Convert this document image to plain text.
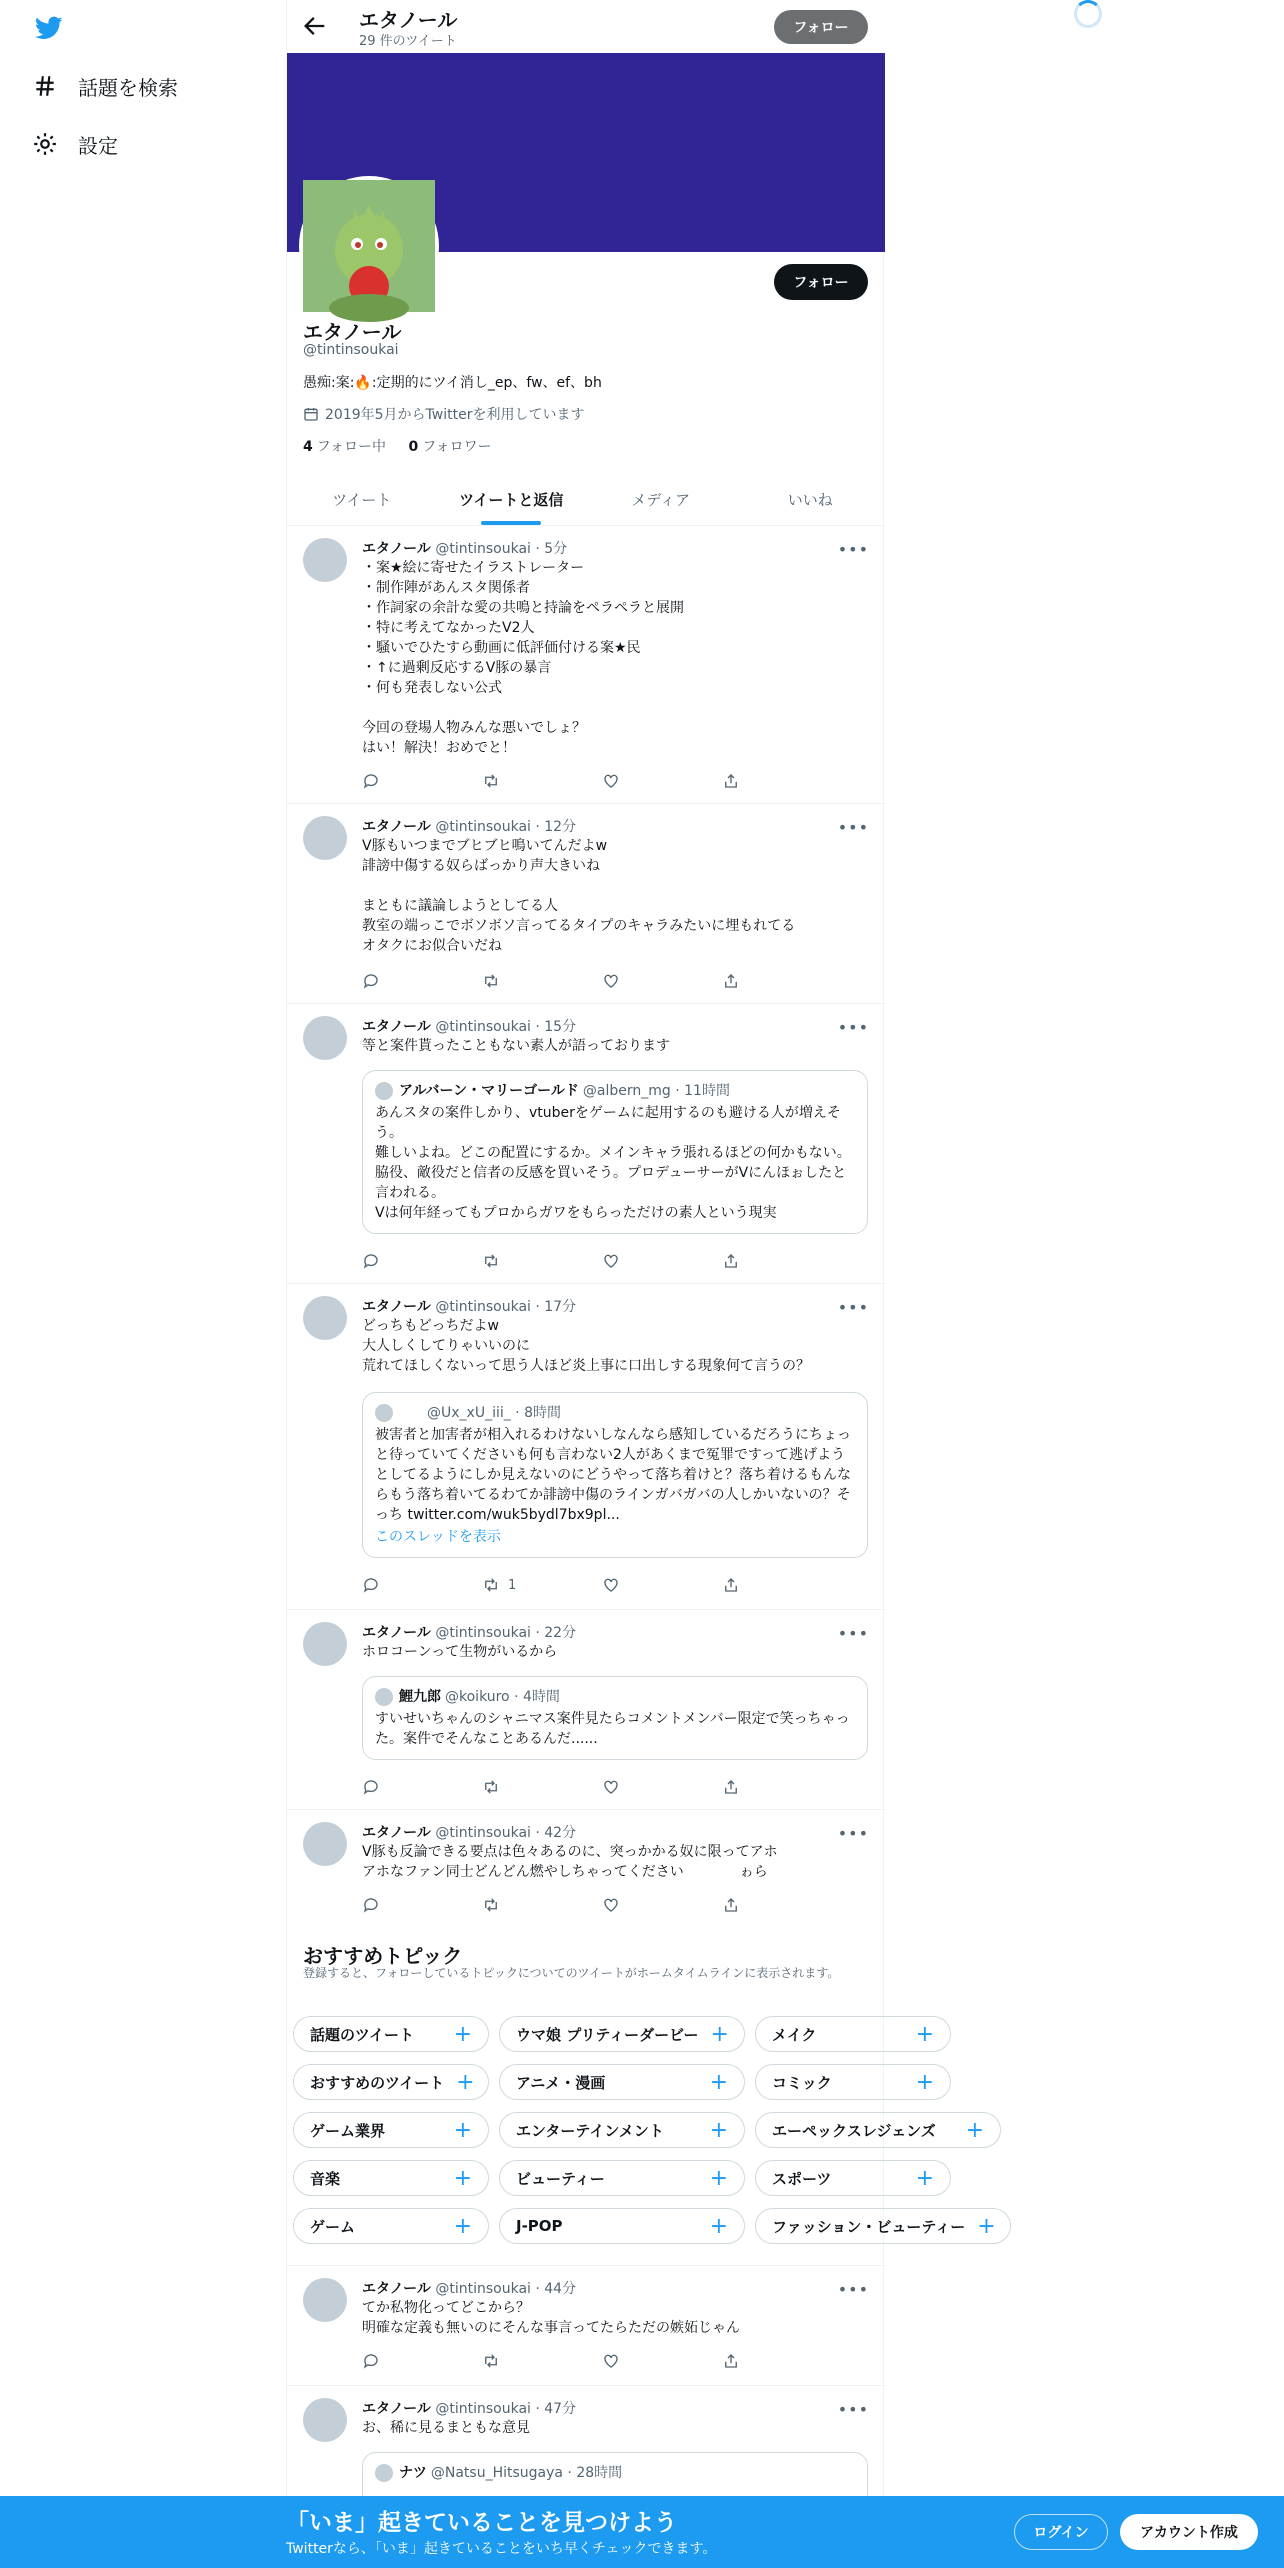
話題を検索
設定
エタノール
29 件のツイート
フォロー
フォロー
エタノール
@tintinsoukai
愚痴:案:🔥:定期的にツイ消し_ep、fw、ef、bh
2019年5月からTwitterを利用しています
4 フォロー中 0 フォロワー
ツイート	ツイートと返信	メディア	いいね
エタノール @tintinsoukai · 5分	•••
・案★絵に寄せたイラストレーター
・制作陣があんスタ関係者
・作詞家の余計な愛の共鳴と持論をペラペラと展開
・特に考えてなかったV2人
・騒いでひたすら動画に低評価付ける案★民
・↑に過剰反応するV豚の暴言
・何も発表しない公式

今回の登場人物みんな悪いでしょ？
はい！解決！おめでと！
エタノール @tintinsoukai · 12分	•••
V豚もいつまでブヒブヒ鳴いてんだよw
誹謗中傷する奴らばっかり声大きいね

まともに議論しようとしてる人
教室の端っこでボソボソ言ってるタイプのキャラみたいに埋もれてる
オタクにお似合いだね
エタノール @tintinsoukai · 15分	•••
等と案件貰ったこともない素人が語っております
アルバーン・マリーゴールド @albern_mg · 11時間
あんスタの案件しかり、vtuberをゲームに起用するのも避ける人が増えそう。
難しいよね。どこの配置にするか。メインキャラ張れるほどの何かもない。脇役、敵役だと信者の反感を買いそう。プロデューサーがVにんほぉしたと言われる。
Vは何年経ってもプロからガワをもらっただけの素人という現実
エタノール @tintinsoukai · 17分	•••
どっちもどっちだよw
大人しくしてりゃいいのに
荒れてほしくないって思う人ほど炎上事に口出しする現象何て言うの？
@Ux_xU_iii_ · 8時間
被害者と加害者が相入れるわけないしなんなら感知しているだろうにちょっと待っていてくださいも何も言わない2人があくまで冤罪ですって逃げようとしてるようにしか見えないのにどうやって落ち着けと？落ち着けるもんならもう落ち着いてるわてか誹謗中傷のラインガバガバの人しかいないの？そっち twitter.com/wuk5bydl7bx9pl...
このスレッドを表示
1
エタノール @tintinsoukai · 22分	•••
ホロコーンって生物がいるから
鯉九郎 @koikuro · 4時間
すいせいちゃんのシャニマス案件見たらコメントメンバー限定で笑っちゃった。案件でそんなことあるんだ......
エタノール @tintinsoukai · 42分	•••
V豚も反論できる要点は色々あるのに、突っかかる奴に限ってアホ
アホなファン同士どんどん燃やしちゃってください　　　　ゎら
おすすめトピック
登録すると、フォローしているトピックについてのツイートがホームタイムラインに表示されます。
話題のツイート +	ウマ娘 プリティーダービー +	メイク	+
おすすめのツイート +	アニメ・漫画	+	コミック	+
ゲーム業界	+	エンターテインメント +	エーペックスレジェンズ +
音楽	+	ビューティー	+	スポーツ	+
ゲーム	+	J-POP	+	ファッション・ビューティー +
エタノール @tintinsoukai · 44分	•••
てか私物化ってどこから？
明確な定義も無いのにそんな事言ってたらただの嫉妬じゃん
エタノール @tintinsoukai · 47分	•••
お、稀に見るまともな意見
ナツ @Natsu_Hitsugaya · 28時間
「いま」起きていることを見つけよう
Twitterなら、「いま」起きていることをいち早くチェックできます。
ログイン	アカウント作成
